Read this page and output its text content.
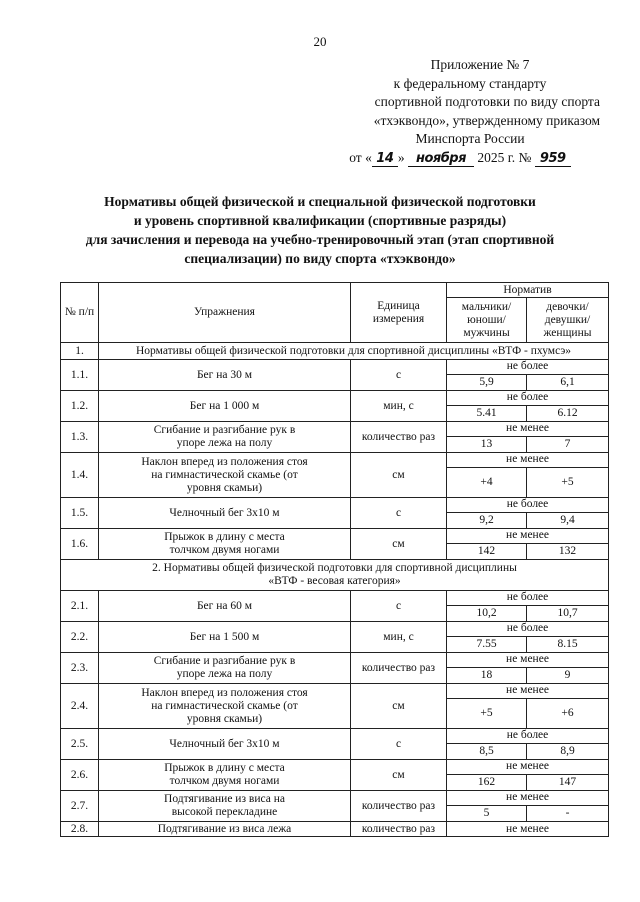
20
Приложение № 7
к федеральному стандарту
спортивной подготовки по виду спорта
«тхэквондо», утвержденному приказом
Минспорта России
от « 14 » ноября 2025 г. № 959
Нормативы общей физической и специальной физической подготовки
и уровень спортивной квалификации (спортивные разряды)
для зачисления и перевода на учебно-тренировочный этап (этап спортивной
специализации) по виду спорта «тхэквондо»
№ п/п	Упражнения	Единица измерения	Норматив	
			мальчики/ юноши/ мужчины	девочки/ девушки/ женщины
1.	Нормативы общей физической подготовки для спортивной дисциплины «ВТФ - пхумсэ»			
1.1.	Бег на 30 м	с	не более	
			5,9	6,1
1.2.	Бег на 1 000 м	мин, с	не более	
			5.41	6.12
1.3.	Сгибание и разгибание рук в упоре лежа на полу	количество раз	не менее	
			13	7
1.4.	Наклон вперед из положения стоя на гимнастической скамье (от уровня скамьи)	см	не менее	
			+4	+5
1.5.	Челночный бег 3х10 м	с	не более	
			9,2	9,4
1.6.	Прыжок в длину с места толчком двумя ногами	см	не менее	
			142	132

2. Нормативы общей физической подготовки для спортивной дисциплины
«ВТФ - весовая категория»				

2.1.	Бег на 60 м	с	не более	
			10,2	10,7
2.2.	Бег на 1 500 м	мин, с	не более	
			7.55	8.15
2.3.	Сгибание и разгибание рук в упоре лежа на полу	количество раз	не менее	
			18	9
2.4.	Наклон вперед из положения стоя на гимнастической скамье (от уровня скамьи)	см	не менее	
			+5	+6
2.5.	Челночный бег 3х10 м	с	не более	
			8,5	8,9
2.6.	Прыжок в длину с места толчком двумя ногами	см	не менее	
			162	147
2.7.	Подтягивание из виса на высокой перекладине	количество раз	не менее	
			5	-
2.8.	Подтягивание из виса лежа	количество раз	не менее	
